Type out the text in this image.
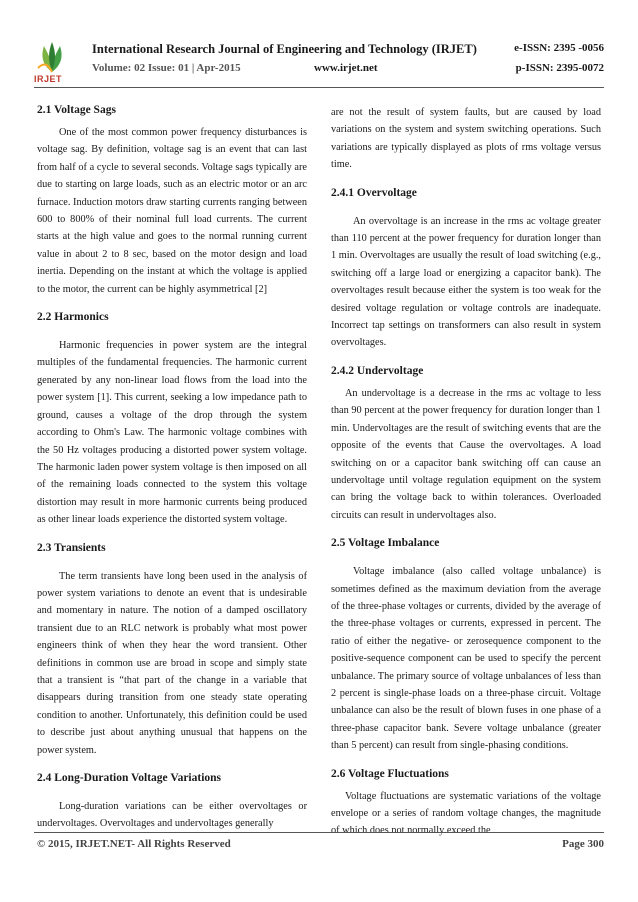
IRJET
International Research Journal of Engineering and Technology (IRJET)	e-ISSN: 2395 -0056
Volume: 02 Issue: 01 | Apr-2015	www.irjet.net	p-ISSN: 2395-0072
2.1 Voltage Sags

One of the most common power frequency disturbances is voltage sag. By definition, voltage sag is an event that can last from half of a cycle to several seconds. Voltage sags typically are due to starting on large loads, such as an electric motor or an arc furnace. Induction motors draw starting currents ranging between 600 to 800% of their nominal full load currents. The current starts at the high value and goes to the normal running current value in about 2 to 8 sec, based on the motor design and load inertia. Depending on the instant at which the voltage is applied to the motor, the current can be highly asymmetrical [2]

2.2 Harmonics

Harmonic frequencies in power system are the integral multiples of the fundamental frequencies. The harmonic current generated by any non-linear load flows from the load into the power system [1]. This current, seeking a low impedance path to ground, causes a voltage of the drop through the system according to Ohm's Law. The harmonic voltage combines with the 50 Hz voltages producing a distorted power system voltage. The harmonic laden power system voltage is then imposed on all of the remaining loads connected to the system this voltage distortion may result in more harmonic currents being produced as other linear loads experience the distorted system voltage.

2.3 Transients

The term transients have long been used in the analysis of power system variations to denote an event that is undesirable and momentary in nature. The notion of a damped oscillatory transient due to an RLC network is probably what most power engineers think of when they hear the word transient. Other definitions in common use are broad in scope and simply state that a transient is “that part of the change in a variable that disappears during transition from one steady state operating condition to another. Unfortunately, this definition could be used to describe just about anything unusual that happens on the power system.

2.4 Long-Duration Voltage Variations

Long-duration variations can be either overvoltages or undervoltages. Overvoltages and undervoltages generally

are not the result of system faults, but are caused by load variations on the system and system switching operations. Such variations are typically displayed as plots of rms voltage versus time.

2.4.1 Overvoltage

An overvoltage is an increase in the rms ac voltage greater than 110 percent at the power frequency for duration longer than 1 min. Overvoltages are usually the result of load switching (e.g., switching off a large load or energizing a capacitor bank). The overvoltages result because either the system is too weak for the desired voltage regulation or voltage controls are inadequate. Incorrect tap settings on transformers can also result in system overvoltages.

2.4.2 Undervoltage

An undervoltage is a decrease in the rms ac voltage to less than 90 percent at the power frequency for duration longer than 1 min. Undervoltages are the result of switching events that are the opposite of the events that Cause the overvoltages. A load switching on or a capacitor bank switching off can cause an undervoltage until voltage regulation equipment on the system can bring the voltage back to within tolerances. Overloaded circuits can result in undervoltages also.

2.5 Voltage Imbalance

Voltage imbalance (also called voltage unbalance) is sometimes defined as the maximum deviation from the average of the three-phase voltages or currents, divided by the average of the three-phase voltages or currents, expressed in percent. The ratio of either the negative- or zerosequence component to the positive-sequence component can be used to specify the percent unbalance. The primary source of voltage unbalances of less than 2 percent is single-phase loads on a three-phase circuit. Voltage unbalance can also be the result of blown fuses in one phase of a three-phase capacitor bank. Severe voltage unbalance (greater than 5 percent) can result from single-phasing conditions.

2.6 Voltage Fluctuations

Voltage fluctuations are systematic variations of the voltage envelope or a series of random voltage changes, the magnitude of which does not normally exceed the

© 2015, IRJET.NET- All Rights Reserved	Page 300
